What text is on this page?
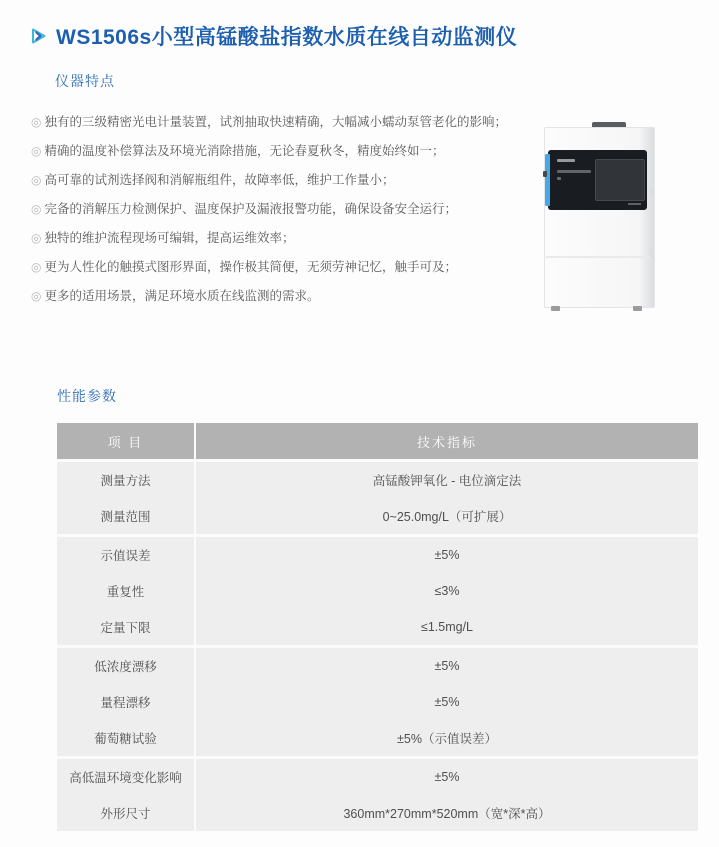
WS1506s小型高锰酸盐指数水质在线自动监测仪
仪器特点
◎ 独有的三级精密光电计量装置，试剂抽取快速精确，大幅减小蠕动泵管老化的影响；
◎ 精确的温度补偿算法及环境光消除措施，无论春夏秋冬，精度始终如一；
◎ 高可靠的试剂选择阀和消解瓶组件，故障率低，维护工作量小；
◎ 完备的消解压力检测保护、温度保护及漏液报警功能，确保设备安全运行；
◎ 独特的维护流程现场可编辑，提高运维效率；
◎ 更为人性化的触摸式图形界面，操作极其简便，无须劳神记忆，触手可及；
◎ 更多的适用场景，满足环境水质在线监测的需求。
性能参数
项 目	技术指标
测量方法	高锰酸钾氧化 - 电位滴定法
测量范围	0~25.0mg/L（可扩展）
示值误差	±5%
重复性	≤3%
定量下限	≤1.5mg/L
低浓度漂移	±5%
量程漂移	±5%
葡萄糖试验	±5%（示值误差）
高低温环境变化影响	±5%
外形尺寸	360mm*270mm*520mm（宽*深*高）
